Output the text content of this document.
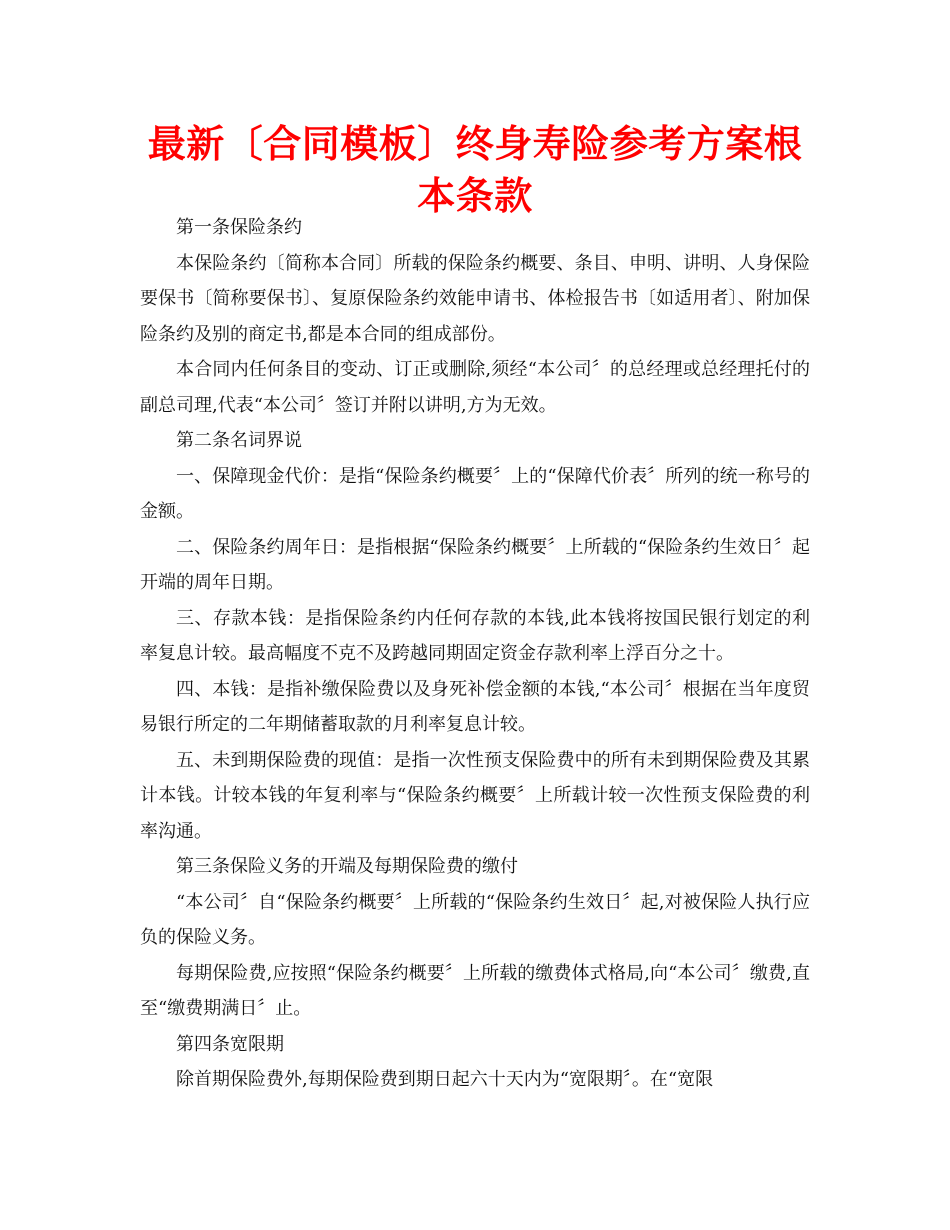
最新〔合同模板〕终身寿险参考方案根本条款

第一条保险条约

本保险条约〔简称本合同〕所载的保险条约概要、条目、申明、讲明、人身保险要保书〔简称要保书〕、复原保险条约效能申请书、体检报告书〔如适用者〕、附加保险条约及别的商定书,都是本合同的组成部份。

本合同内任何条目的变动、订正或删除,须经“本公司〞的总经理或总经理托付的副总司理,代表“本公司〞签订并附以讲明,方为无效。

第二条名词界说

一、保障现金代价：是指“保险条约概要〞上的“保障代价表〞所列的统一称号的金额。

二、保险条约周年日：是指根据“保险条约概要〞上所载的“保险条约生效日〞起开端的周年日期。

三、存款本钱：是指保险条约内任何存款的本钱,此本钱将按国民银行划定的利率复息计较。最高幅度不克不及跨越同期固定资金存款利率上浮百分之十。

四、本钱：是指补缴保险费以及身死补偿金额的本钱,“本公司〞根据在当年度贸易银行所定的二年期储蓄取款的月利率复息计较。

五、未到期保险费的现值：是指一次性预支保险费中的所有未到期保险费及其累计本钱。计较本钱的年复利率与“保险条约概要〞上所载计较一次性预支保险费的利率沟通。

第三条保险义务的开端及每期保险费的缴付

“本公司〞自“保险条约概要〞上所载的“保险条约生效日〞起,对被保险人执行应负的保险义务。

每期保险费,应按照“保险条约概要〞上所载的缴费体式格局,向“本公司〞缴费,直至“缴费期满日〞止。

第四条宽限期

除首期保险费外,每期保险费到期日起六十天内为“宽限期〞。在“宽限
